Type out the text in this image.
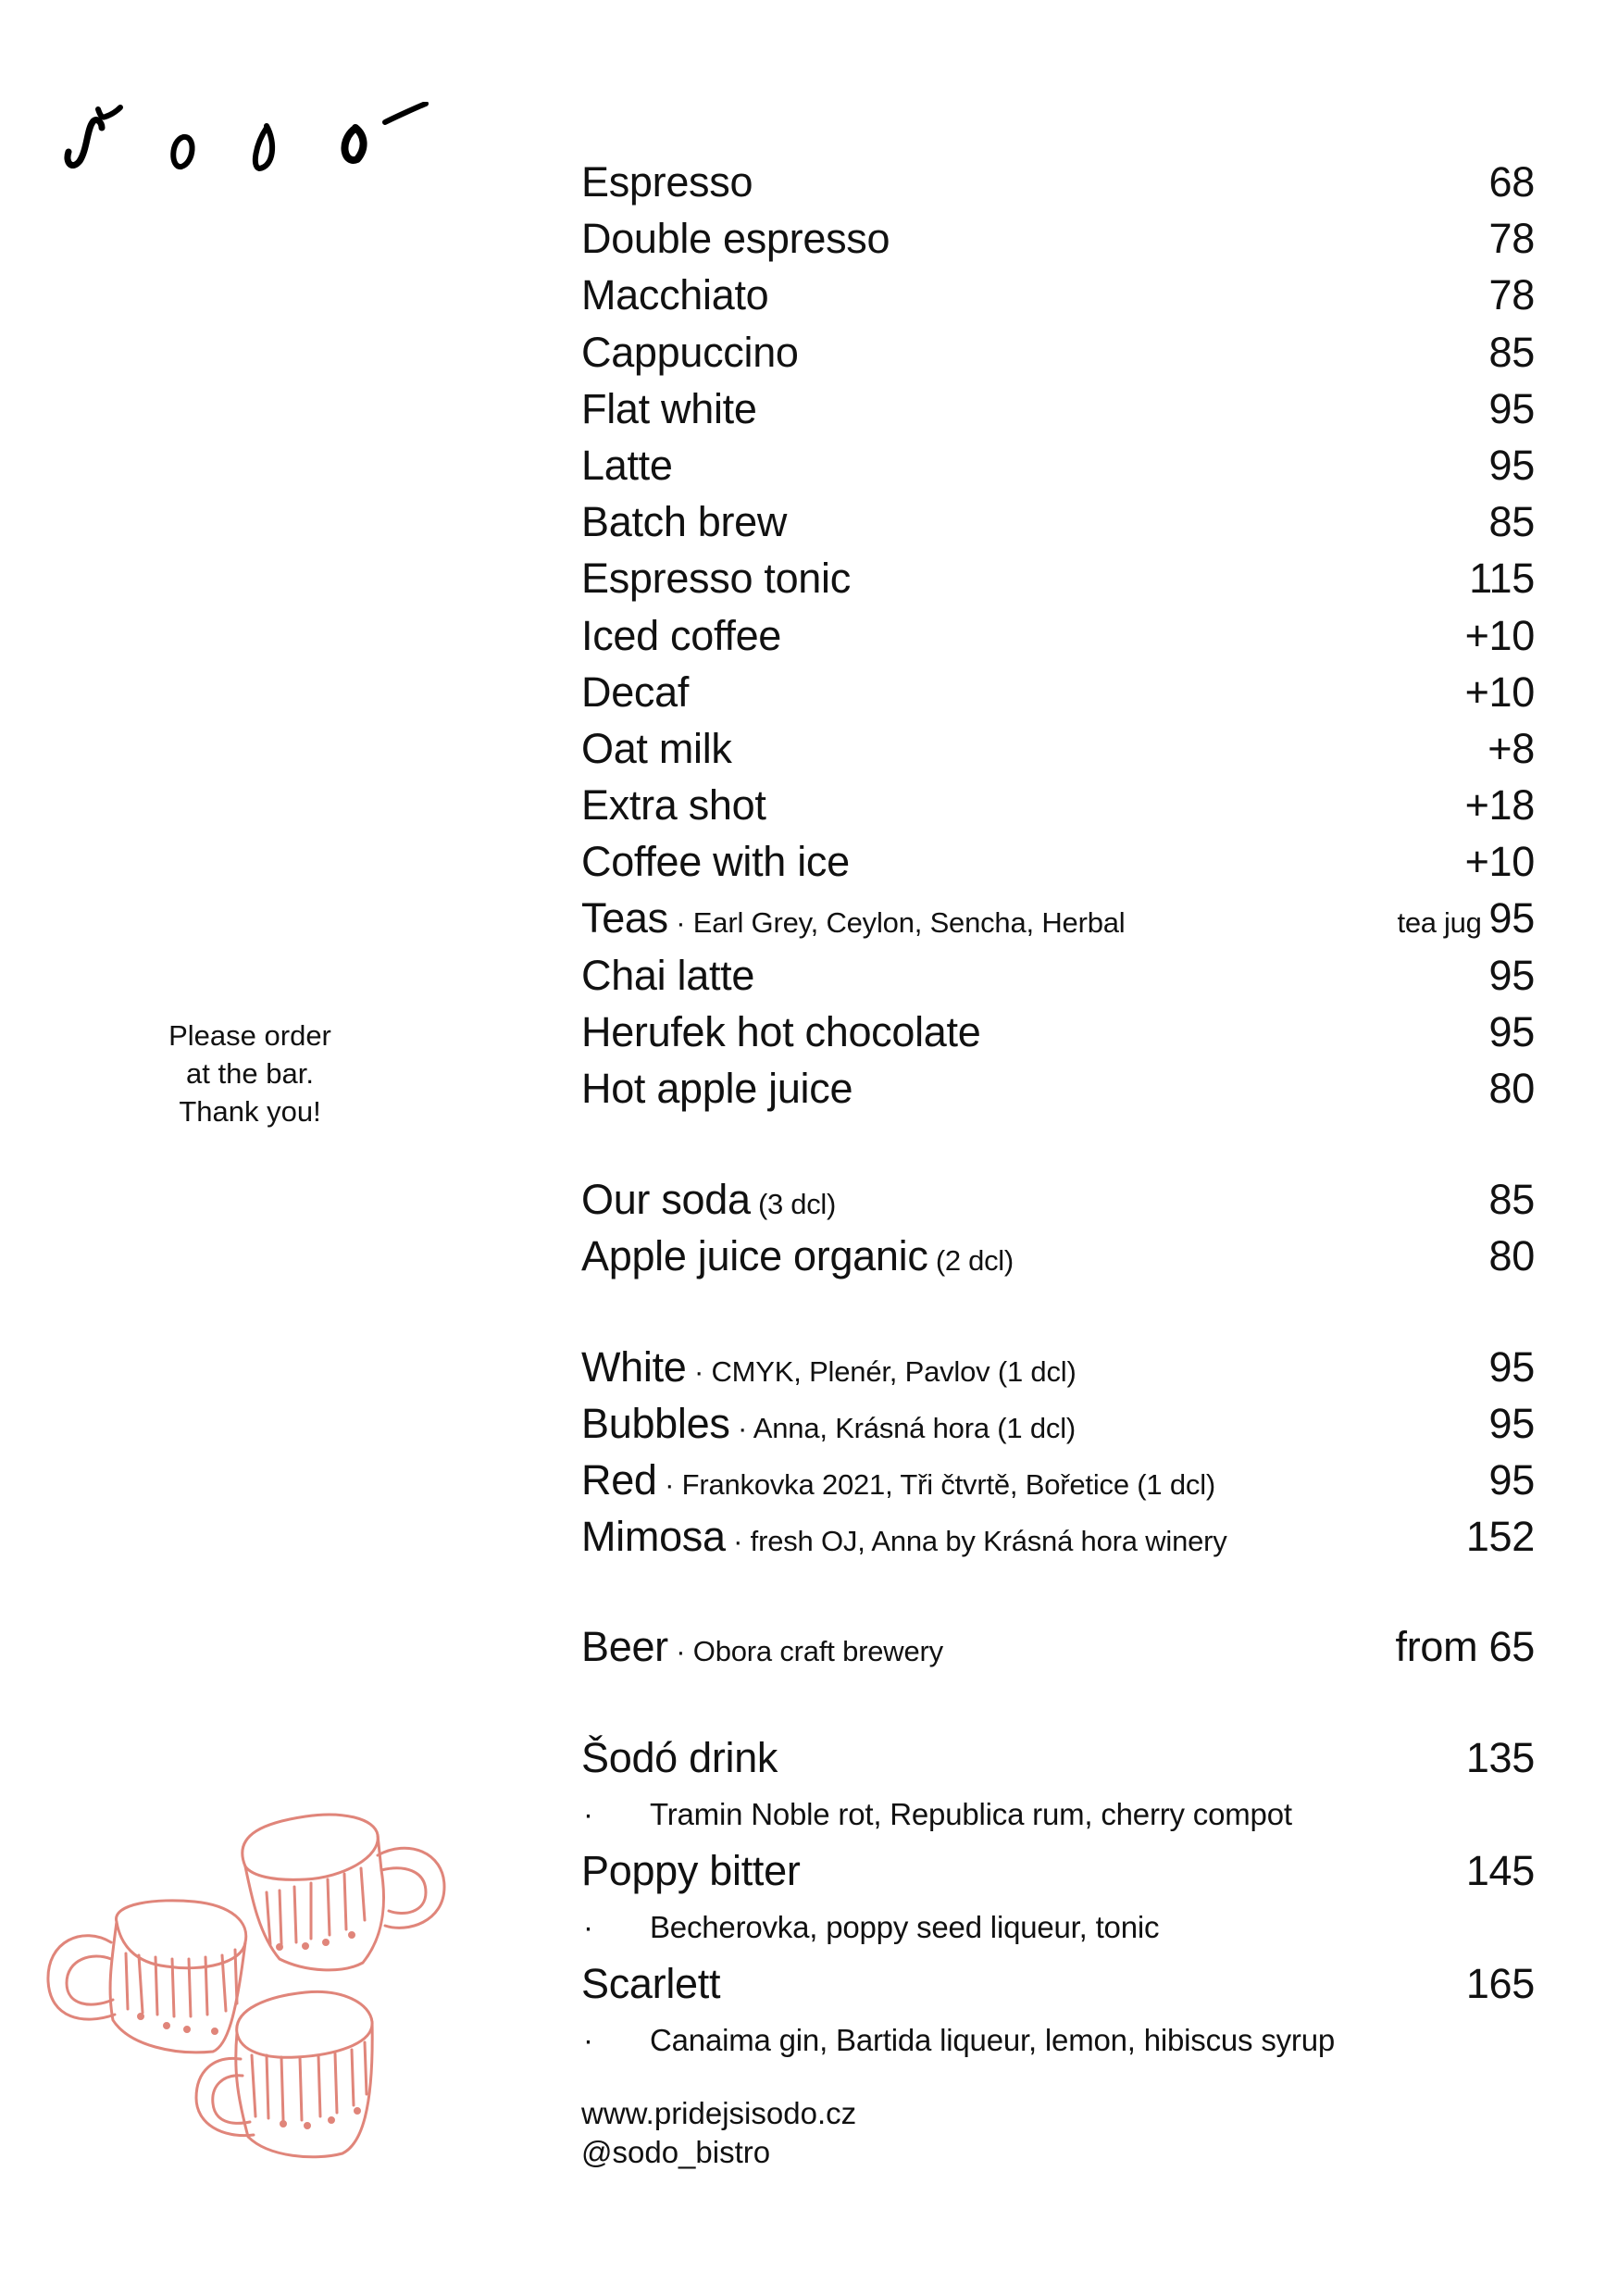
Please order
at the bar.
Thank you!
Espresso	68
Double espresso	78
Macchiato	78
Cappuccino	85
Flat white	95
Latte	95
Batch brew	85
Espresso tonic	115
Iced coffee	+10
Decaf	+10
Oat milk	+8
Extra shot	+18
Coffee with ice	+10
Teas · Earl Grey, Ceylon, Sencha, Herbal	tea jug 95
Chai latte	95
Herufek hot chocolate	95
Hot apple juice	80
Our soda (3 dcl)	85
Apple juice organic (2 dcl)	80
White · CMYK, Plenér, Pavlov (1 dcl)	95
Bubbles · Anna, Krásná hora (1 dcl)	95
Red · Frankovka 2021, Tři čtvrtě, Bořetice (1 dcl)	95
Mimosa · fresh OJ, Anna by Krásná hora winery	152
Beer · Obora craft brewery	from 65
Šodó drink	135
· Tramin Noble rot, Republica rum, cherry compot
Poppy bitter	145
· Becherovka, poppy seed liqueur, tonic
Scarlett	165
· Canaima gin, Bartida liqueur, lemon, hibiscus syrup
www.pridejsisodo.cz
@sodo_bistro
